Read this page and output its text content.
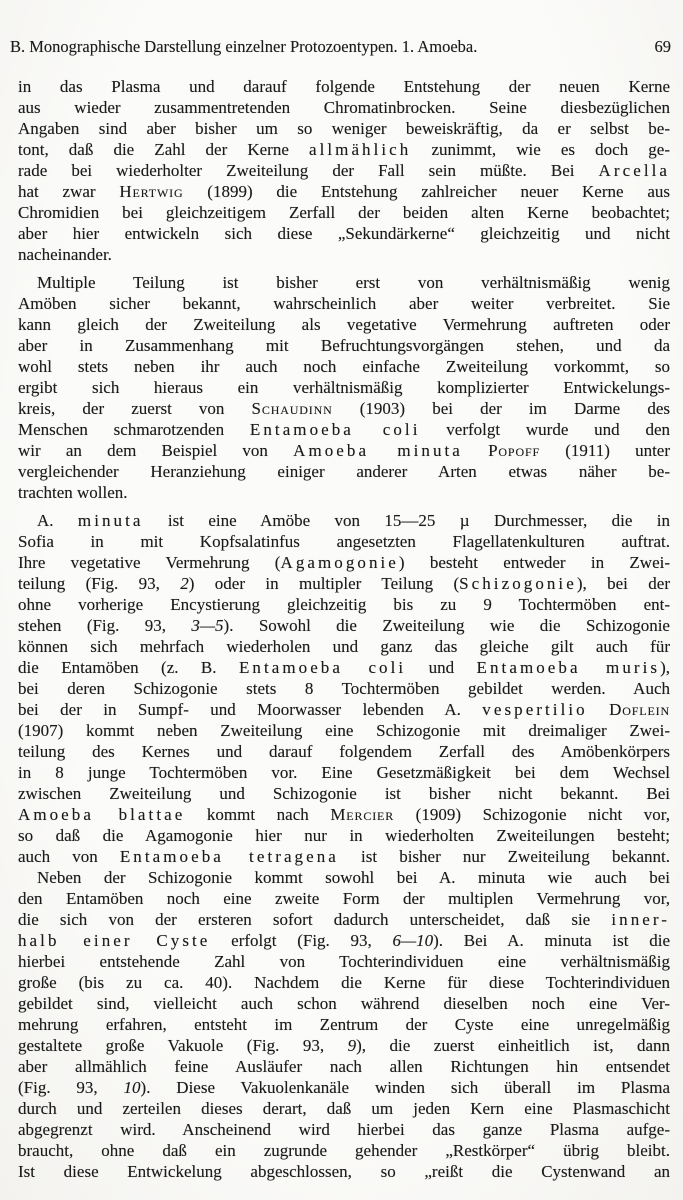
B. Monographische Darstellung einzelner Protozoentypen. 1. Amoeba.	69
in das Plasma und darauf folgende Entstehung der neuen Kerne
aus wieder zusammentretenden Chromatinbrocken. Seine diesbezüglichen
Angaben sind aber bisher um so weniger beweiskräftig, da er selbst be-
tont, daß die Zahl der Kerne allmählich zunimmt, wie es doch ge-
rade bei wiederholter Zweiteilung der Fall sein müßte. Bei Arcella
hat zwar Hertwig (1899) die Entstehung zahlreicher neuer Kerne aus
Chromidien bei gleichzeitigem Zerfall der beiden alten Kerne beobachtet;
aber hier entwickeln sich diese „Sekundärkerne“ gleichzeitig und nicht
nacheinander.
Multiple Teilung ist bisher erst von verhältnismäßig wenig
Amöben sicher bekannt, wahrscheinlich aber weiter verbreitet. Sie
kann gleich der Zweiteilung als vegetative Vermehrung auftreten oder
aber in Zusammenhang mit Befruchtungsvorgängen stehen, und da
wohl stets neben ihr auch noch einfache Zweiteilung vorkommt, so
ergibt sich hieraus ein verhältnismäßig komplizierter Entwickelungs-
kreis, der zuerst von Schaudinn (1903) bei der im Darme des
Menschen schmarotzenden Entamoeba coli verfolgt wurde und den
wir an dem Beispiel von Amoeba minuta Popoff (1911) unter
vergleichender Heranziehung einiger anderer Arten etwas näher be-
trachten wollen.
A. minuta ist eine Amöbe von 15—25 µ Durchmesser, die in
Sofia in mit Kopfsalatinfus angesetzten Flagellatenkulturen auftrat.
Ihre vegetative Vermehrung (Agamogonie) besteht entweder in Zwei-
teilung (Fig. 93, 2) oder in multipler Teilung (Schizogonie), bei der
ohne vorherige Encystierung gleichzeitig bis zu 9 Tochtermöben ent-
stehen (Fig. 93, 3—5). Sowohl die Zweiteilung wie die Schizogonie
können sich mehrfach wiederholen und ganz das gleiche gilt auch für
die Entamöben (z. B. Entamoeba coli und Entamoeba muris),
bei deren Schizogonie stets 8 Tochtermöben gebildet werden. Auch
bei der in Sumpf- und Moorwasser lebenden A. vespertilio Doflein
(1907) kommt neben Zweiteilung eine Schizogonie mit dreimaliger Zwei-
teilung des Kernes und darauf folgendem Zerfall des Amöbenkörpers
in 8 junge Tochtermöben vor. Eine Gesetzmäßigkeit bei dem Wechsel
zwischen Zweiteilung und Schizogonie ist bisher nicht bekannt. Bei
Amoeba blattae kommt nach Mercier (1909) Schizogonie nicht vor,
so daß die Agamogonie hier nur in wiederholten Zweiteilungen besteht;
auch von Entamoeba tetragena ist bisher nur Zweiteilung bekannt.
Neben der Schizogonie kommt sowohl bei A. minuta wie auch bei
den Entamöben noch eine zweite Form der multiplen Vermehrung vor,
die sich von der ersteren sofort dadurch unterscheidet, daß sie inner-
halb einer Cyste erfolgt (Fig. 93, 6—10). Bei A. minuta ist die
hierbei entstehende Zahl von Tochterindividuen eine verhältnismäßig
große (bis zu ca. 40). Nachdem die Kerne für diese Tochterindividuen
gebildet sind, vielleicht auch schon während dieselben noch eine Ver-
mehrung erfahren, entsteht im Zentrum der Cyste eine unregelmäßig
gestaltete große Vakuole (Fig. 93, 9), die zuerst einheitlich ist, dann
aber allmählich feine Ausläufer nach allen Richtungen hin entsendet
(Fig. 93, 10). Diese Vakuolenkanäle winden sich überall im Plasma
durch und zerteilen dieses derart, daß um jeden Kern eine Plasmaschicht
abgegrenzt wird. Anscheinend wird hierbei das ganze Plasma aufge-
braucht, ohne daß ein zugrunde gehender „Restkörper“ übrig bleibt.
Ist diese Entwickelung abgeschlossen, so „reißt die Cystenwand an
